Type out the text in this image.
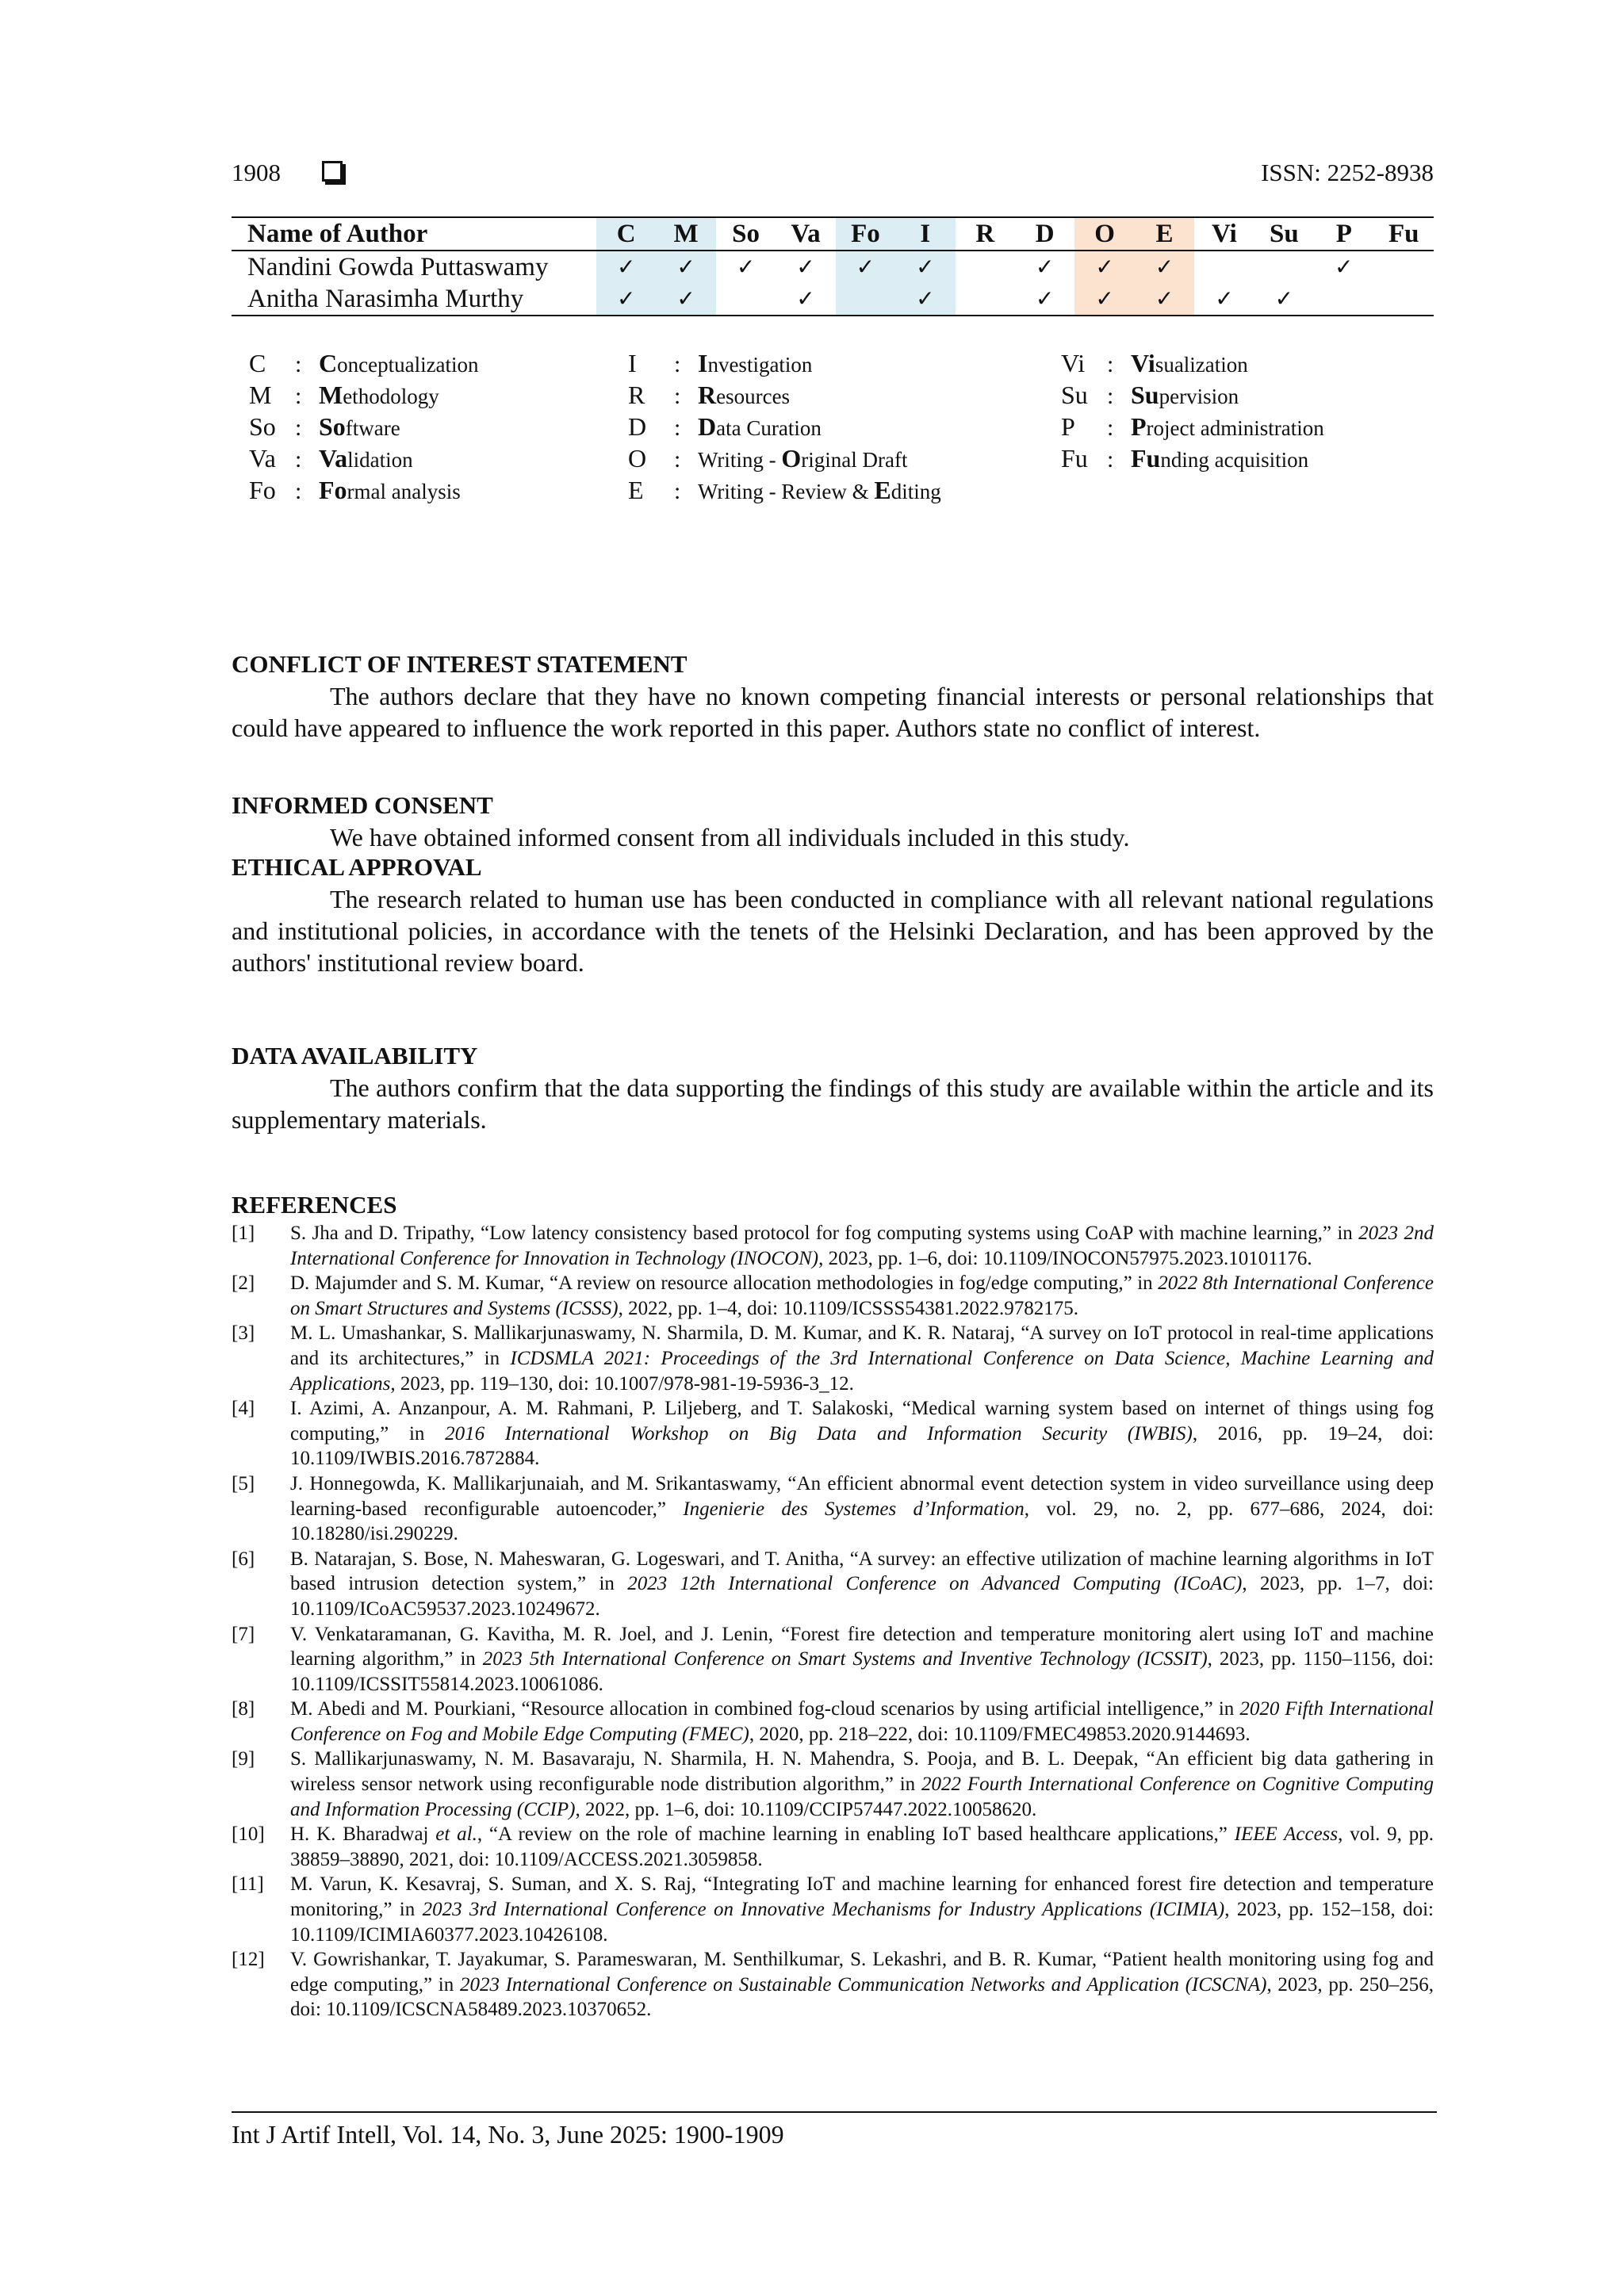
1908	ISSN: 2252-8938
Name of Author	C	M	So	Va	Fo	I	R	D	O	E	Vi	Su	P	Fu
Nandini Gowda Puttaswamy	✓	✓	✓	✓	✓	✓		✓	✓	✓			✓	
Anitha Narasimha Murthy	✓	✓		✓		✓		✓	✓	✓	✓	✓		
C	: Conceptualization
M : Methodology
So : Software
Va : Validation
Fo : Formal analysis
I	: Investigation
R	: Resources
D	: Data Curation
O	: Writing - Original Draft
E	: Writing - Review & Editing
Vi : Visualization
Su : Supervision
P	: Project administration
Fu : Funding acquisition
CONFLICT OF INTEREST STATEMENT

The authors declare that they have no known competing financial interests or personal relationships that could have appeared to influence the work reported in this paper. Authors state no conflict of interest.

INFORMED CONSENT

We have obtained informed consent from all individuals included in this study.

ETHICAL APPROVAL

The research related to human use has been conducted in compliance with all relevant national regulations and institutional policies, in accordance with the tenets of the Helsinki Declaration, and has been approved by the authors' institutional review board.

DATA AVAILABILITY

The authors confirm that the data supporting the findings of this study are available within the article and its supplementary materials.

REFERENCES
[1]	S. Jha and D. Tripathy, “Low latency consistency based protocol for fog computing systems using CoAP with machine learning,” in 2023 2nd International Conference for Innovation in Technology (INOCON), 2023, pp. 1–6, doi: 10.1109/INOCON57975.2023.10101176.
[2]	D. Majumder and S. M. Kumar, “A review on resource allocation methodologies in fog/edge computing,” in 2022 8th International Conference on Smart Structures and Systems (ICSSS), 2022, pp. 1–4, doi: 10.1109/ICSSS54381.2022.9782175.
[3]	M. L. Umashankar, S. Mallikarjunaswamy, N. Sharmila, D. M. Kumar, and K. R. Nataraj, “A survey on IoT protocol in real-time applications and its architectures,” in ICDSMLA 2021: Proceedings of the 3rd International Conference on Data Science, Machine Learning and Applications, 2023, pp. 119–130, doi: 10.1007/978-981-19-5936-3_12.
[4]	I. Azimi, A. Anzanpour, A. M. Rahmani, P. Liljeberg, and T. Salakoski, “Medical warning system based on internet of things using fog computing,” in 2016 International Workshop on Big Data and Information Security (IWBIS), 2016, pp. 19–24, doi: 10.1109/IWBIS.2016.7872884.
[5]	J. Honnegowda, K. Mallikarjunaiah, and M. Srikantaswamy, “An efficient abnormal event detection system in video surveillance using deep learning-based reconfigurable autoencoder,” Ingenierie des Systemes d’Information, vol. 29, no. 2, pp. 677–686, 2024, doi: 10.18280/isi.290229.
[6]	B. Natarajan, S. Bose, N. Maheswaran, G. Logeswari, and T. Anitha, “A survey: an effective utilization of machine learning algorithms in IoT based intrusion detection system,” in 2023 12th International Conference on Advanced Computing (ICoAC), 2023, pp. 1–7, doi: 10.1109/ICoAC59537.2023.10249672.
[7]	V. Venkataramanan, G. Kavitha, M. R. Joel, and J. Lenin, “Forest fire detection and temperature monitoring alert using IoT and machine learning algorithm,” in 2023 5th International Conference on Smart Systems and Inventive Technology (ICSSIT), 2023, pp. 1150–1156, doi: 10.1109/ICSSIT55814.2023.10061086.
[8]	M. Abedi and M. Pourkiani, “Resource allocation in combined fog-cloud scenarios by using artificial intelligence,” in 2020 Fifth International Conference on Fog and Mobile Edge Computing (FMEC), 2020, pp. 218–222, doi: 10.1109/FMEC49853.2020.9144693.
[9]	S. Mallikarjunaswamy, N. M. Basavaraju, N. Sharmila, H. N. Mahendra, S. Pooja, and B. L. Deepak, “An efficient big data gathering in wireless sensor network using reconfigurable node distribution algorithm,” in 2022 Fourth International Conference on Cognitive Computing and Information Processing (CCIP), 2022, pp. 1–6, doi: 10.1109/CCIP57447.2022.10058620.
[10]	H. K. Bharadwaj et al., “A review on the role of machine learning in enabling IoT based healthcare applications,” IEEE Access, vol. 9, pp. 38859–38890, 2021, doi: 10.1109/ACCESS.2021.3059858.
[11]	M. Varun, K. Kesavraj, S. Suman, and X. S. Raj, “Integrating IoT and machine learning for enhanced forest fire detection and temperature monitoring,” in 2023 3rd International Conference on Innovative Mechanisms for Industry Applications (ICIMIA), 2023, pp. 152–158, doi: 10.1109/ICIMIA60377.2023.10426108.
[12]	V. Gowrishankar, T. Jayakumar, S. Parameswaran, M. Senthilkumar, S. Lekashri, and B. R. Kumar, “Patient health monitoring using fog and edge computing,” in 2023 International Conference on Sustainable Communication Networks and Application (ICSCNA), 2023, pp. 250–256, doi: 10.1109/ICSCNA58489.2023.10370652.
Int J Artif Intell, Vol. 14, No. 3, June 2025: 1900-1909
